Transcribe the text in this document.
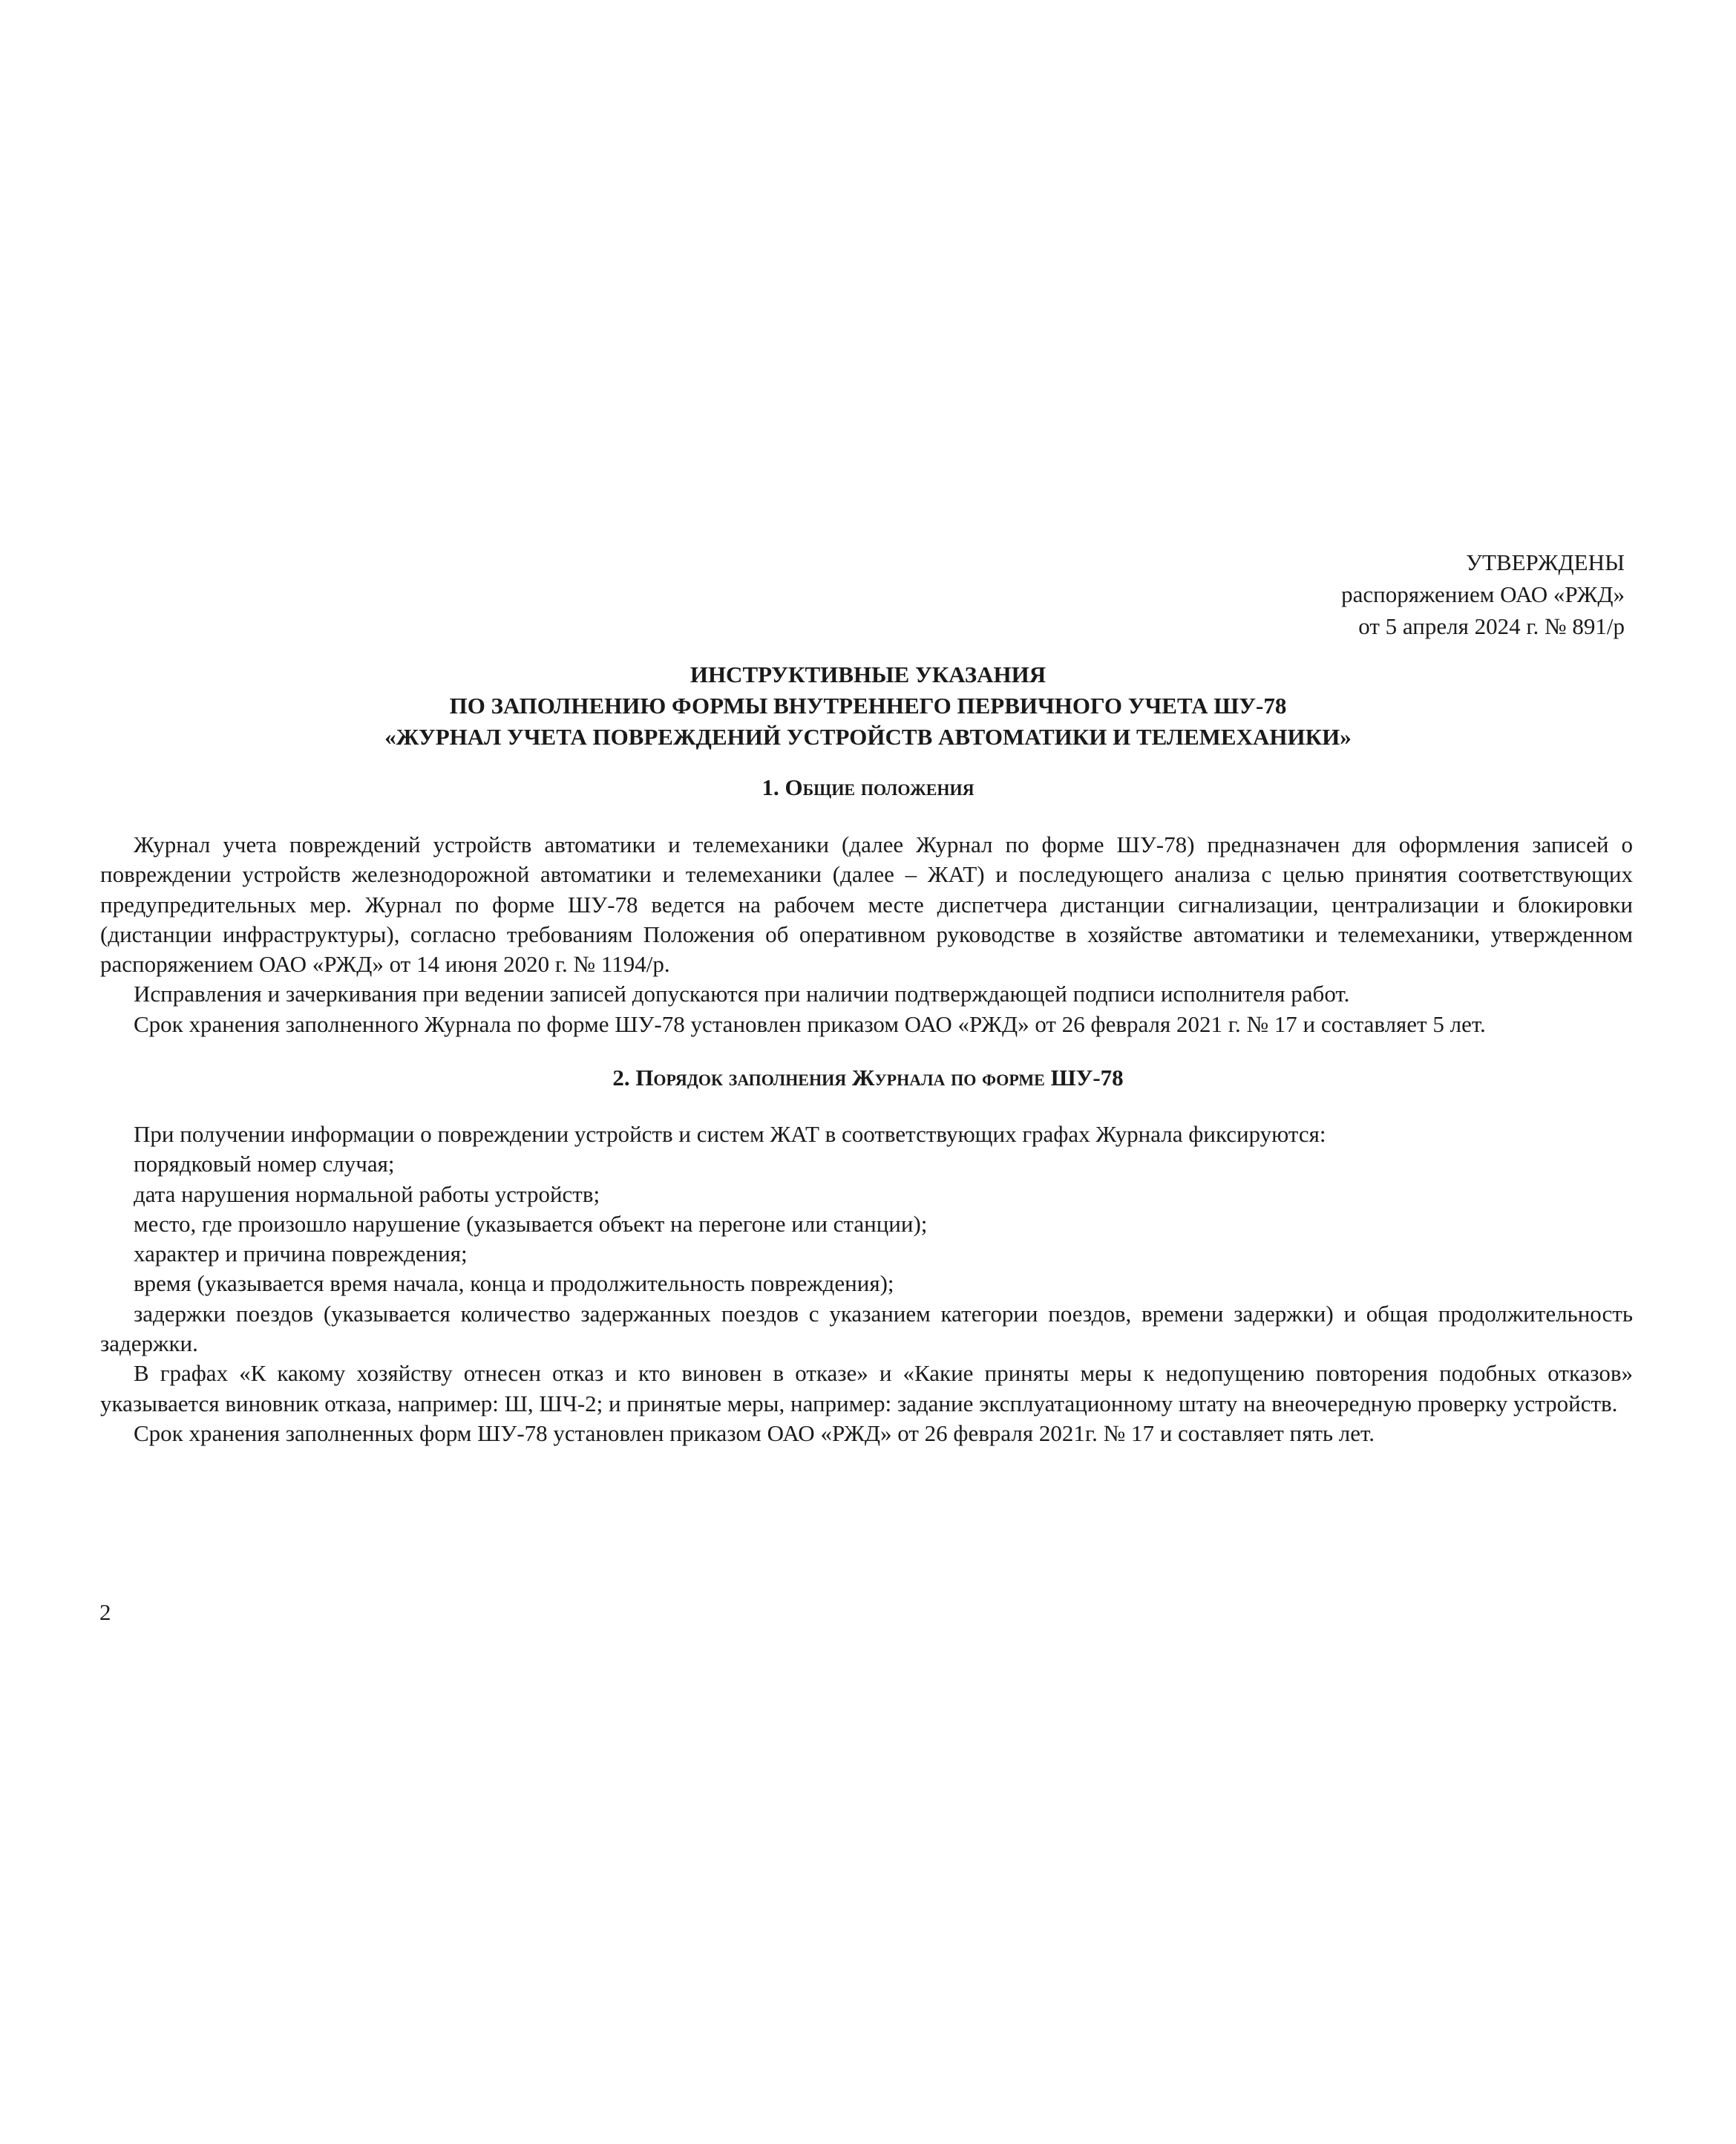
УТВЕРЖДЕНЫ
распоряжением ОАО «РЖД»
от 5 апреля 2024 г. № 891/р
ИНСТРУКТИВНЫЕ УКАЗАНИЯ
ПО ЗАПОЛНЕНИЮ ФОРМЫ ВНУТРЕННЕГО ПЕРВИЧНОГО УЧЕТА ШУ-78
«ЖУРНАЛ УЧЕТА ПОВРЕЖДЕНИЙ УСТРОЙСТВ АВТОМАТИКИ И ТЕЛЕМЕХАНИКИ»
1. Общие положения

Журнал учета повреждений устройств автоматики и телемеханики (далее Журнал по форме ШУ-78) предназначен для оформления записей о повреждении устройств железнодорожной автоматики и телемеханики (далее – ЖАТ) и последующего анализа с целью принятия соответствующих предупредительных мер. Журнал по форме ШУ-78 ведется на рабочем месте диспетчера дистанции сигнализации, централизации и блокировки (дистанции инфраструктуры), согласно требованиям Положения об оперативном руководстве в хозяйстве автоматики и телемеханики, утвержденном распоряжением ОАО «РЖД» от 14 июня 2020 г. № 1194/р.

Исправления и зачеркивания при ведении записей допускаются при наличии подтверждающей подписи исполнителя работ.

Срок хранения заполненного Журнала по форме ШУ-78 установлен приказом ОАО «РЖД» от 26 февраля 2021 г. № 17 и составляет 5 лет.

2. Порядок заполнения Журнала по форме ШУ-78

При получении информации о повреждении устройств и систем ЖАТ в соответствующих графах Журнала фиксируются:

порядковый номер случая;

дата нарушения нормальной работы устройств;

место, где произошло нарушение (указывается объект на перегоне или станции);

характер и причина повреждения;

время (указывается время начала, конца и продолжительность повреждения);

задержки поездов (указывается количество задержанных поездов с указанием категории поездов, времени задержки) и общая продолжительность задержки.

В графах «К какому хозяйству отнесен отказ и кто виновен в отказе» и «Какие приняты меры к недопущению повторения подобных отказов» указывается виновник отказа, например: Ш, ШЧ-2; и принятые меры, например: задание эксплуатационному штату на внеочередную проверку устройств.

Срок хранения заполненных форм ШУ-78 установлен приказом ОАО «РЖД» от 26 февраля 2021г. № 17 и составляет пять лет.

2
